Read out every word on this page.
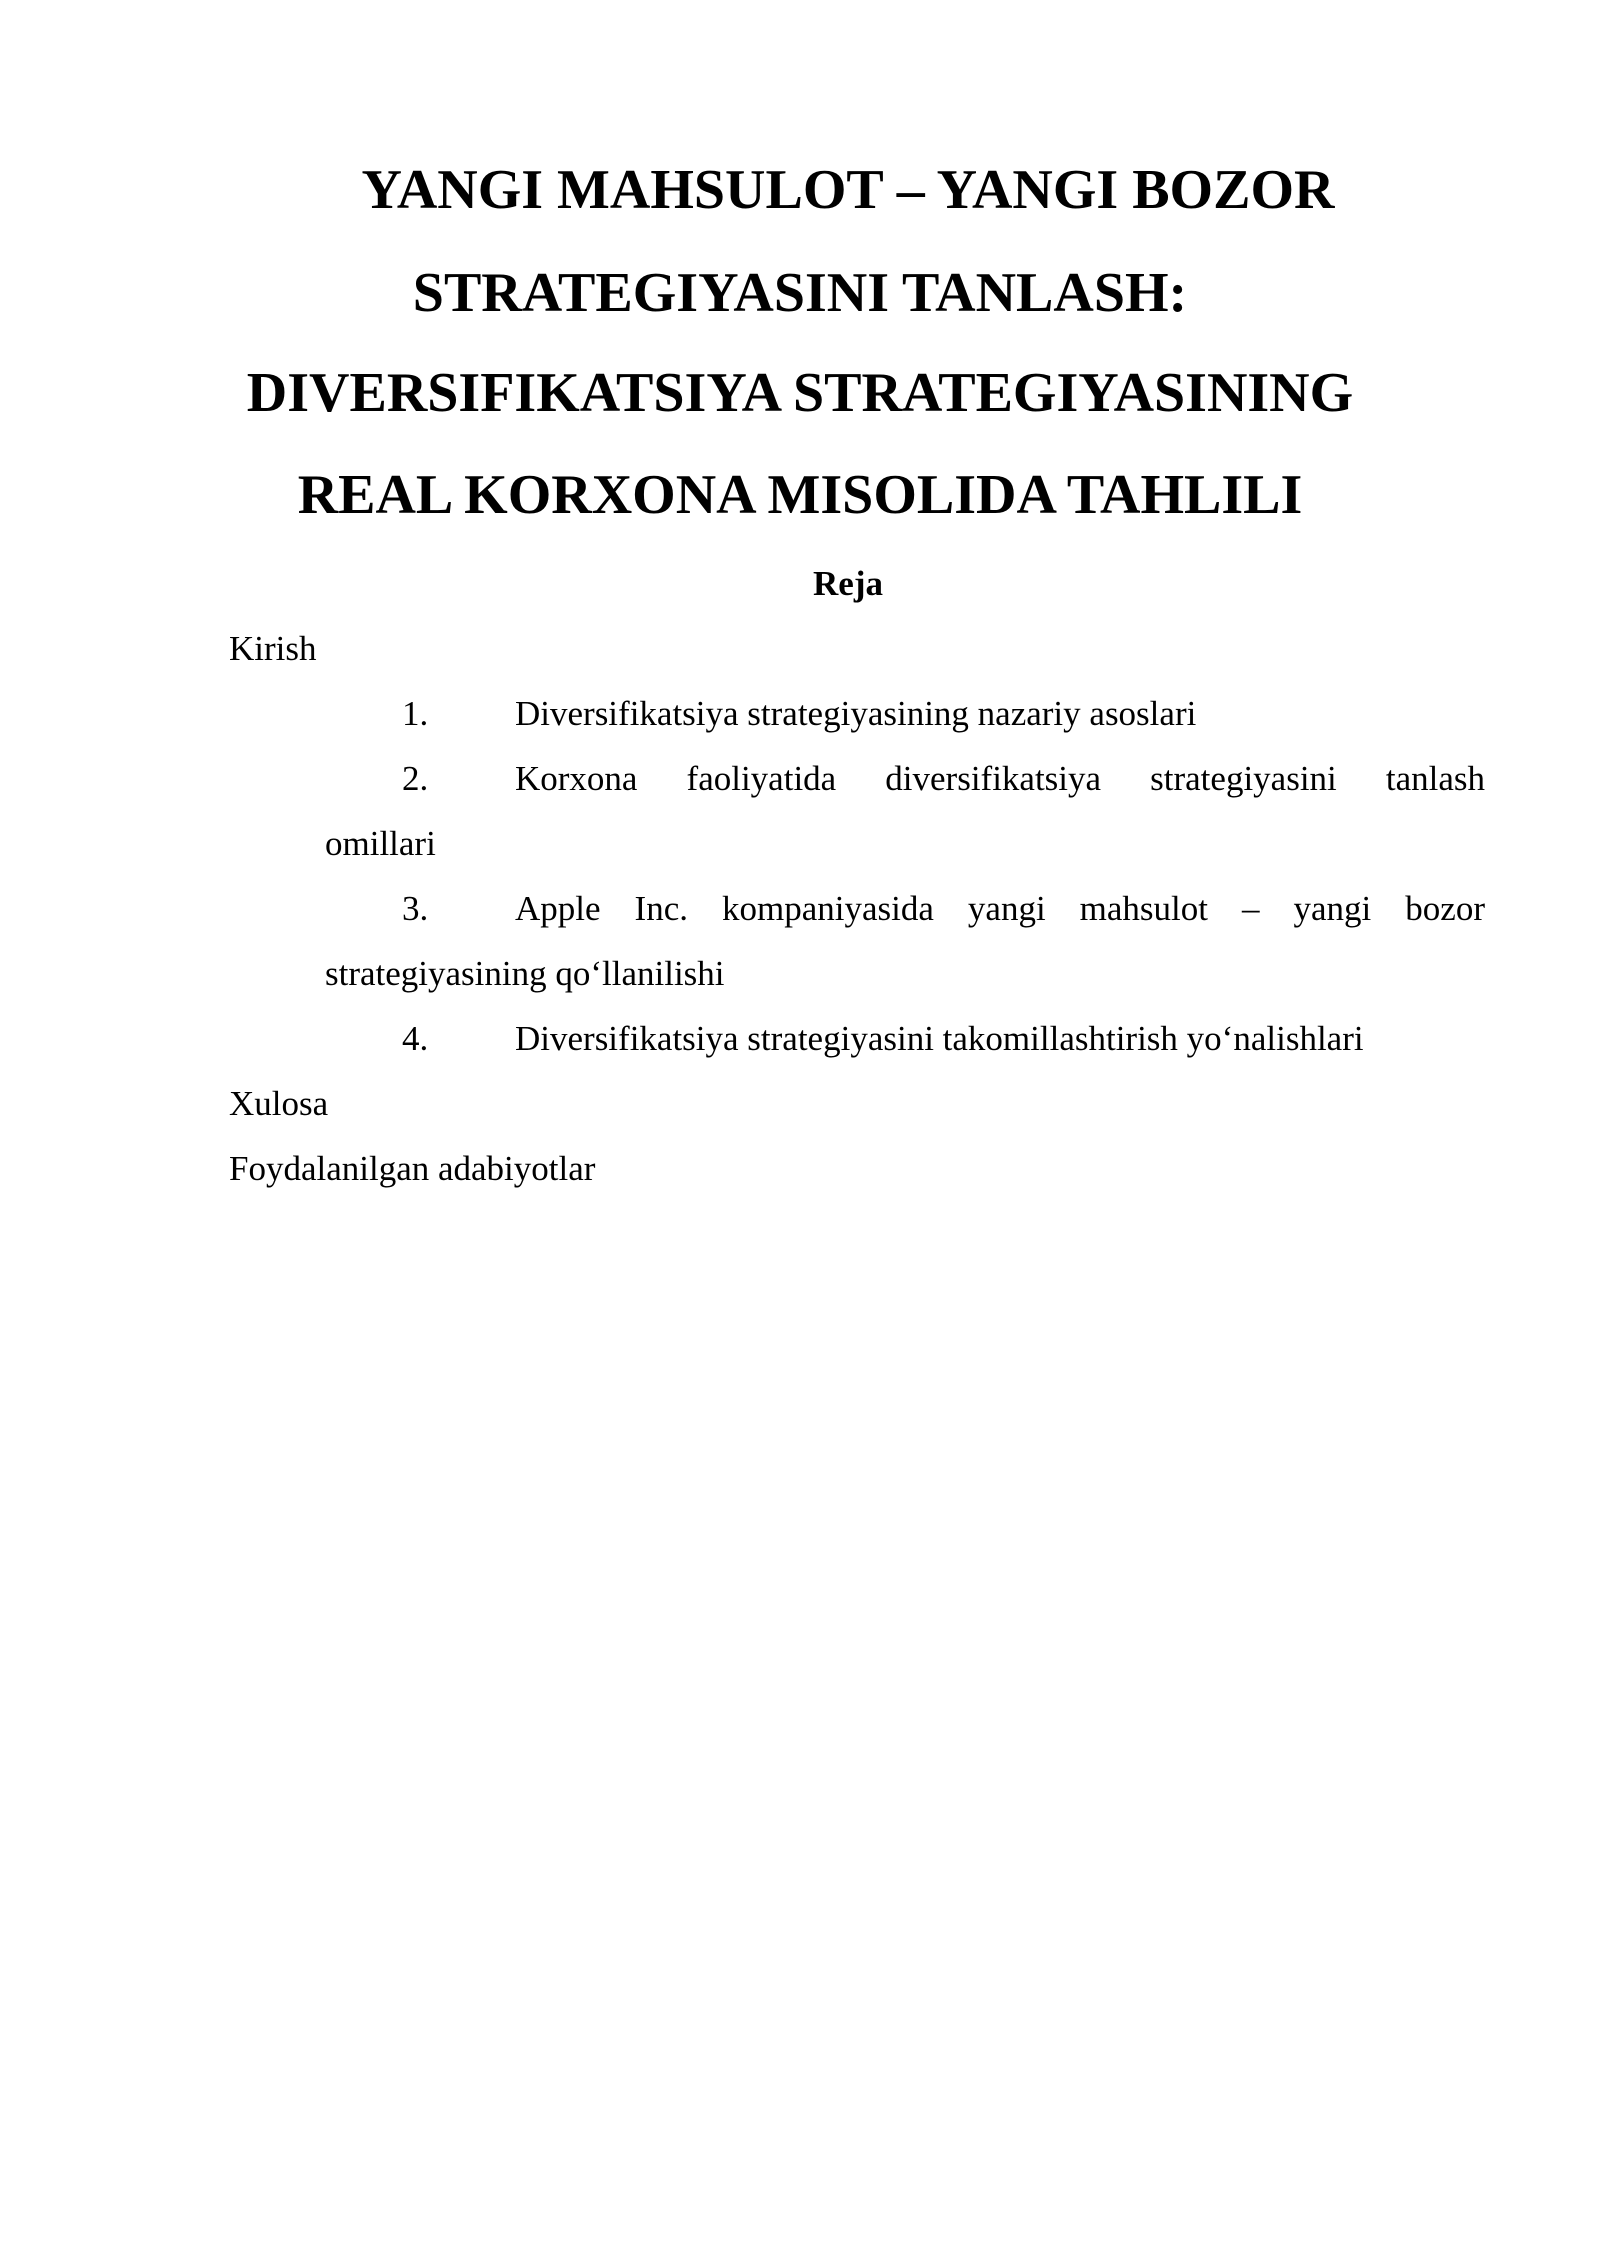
YANGI MAHSULOT – YANGI BOZOR
STRATEGIYASINI TANLASH:
DIVERSIFIKATSIYA STRATEGIYASINING
REAL KORXONA MISOLIDA TAHLILI
Reja
Kirish
1. Diversifikatsiya strategiyasining nazariy asoslari
2. Korxona faoliyatida diversifikatsiya strategiyasini tanlash
omillari
3. Apple Inc. kompaniyasida yangi mahsulot – yangi bozor
strategiyasining qo‘llanilishi
4. Diversifikatsiya strategiyasini takomillashtirish yo‘nalishlari
Xulosa
Foydalanilgan adabiyotlar
